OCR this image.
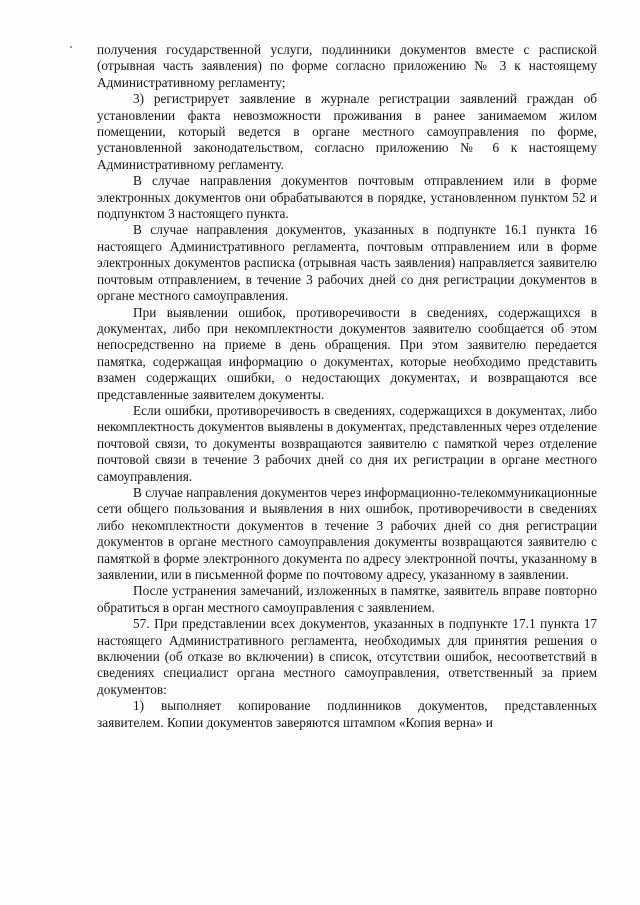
получения государственной услуги, подлинники документов вместе с распиской (отрывная часть заявления) по форме согласно приложению № 3 к настоящему Административному регламенту;

3) регистрирует заявление в журнале регистрации заявлений граждан об установлении факта невозможности проживания в ранее занимаемом жилом помещении, который ведется в органе местного самоуправления по форме, установленной законодательством, согласно приложению № 6 к настоящему Административному регламенту.

В случае направления документов почтовым отправлением или в форме электронных документов они обрабатываются в порядке, установленном пунктом 52 и подпунктом 3 настоящего пункта.

В случае направления документов, указанных в подпункте 16.1 пункта 16 настоящего Административного регламента, почтовым отправлением или в форме электронных документов расписка (отрывная часть заявления) направляется заявителю почтовым отправлением, в течение 3 рабочих дней со дня регистрации документов в органе местного самоуправления.

При выявлении ошибок, противоречивости в сведениях, содержащихся в документах, либо при некомплектности документов заявителю сообщается об этом непосредственно на приеме в день обращения. При этом заявителю передается памятка, содержащая информацию о документах, которые необходимо представить взамен содержащих ошибки, о недостающих документах, и возвращаются все представленные заявителем документы.

Если ошибки, противоречивость в сведениях, содержащихся в документах, либо некомплектность документов выявлены в документах, представленных через отделение почтовой связи, то документы возвращаются заявителю с памяткой через отделение почтовой связи в течение 3 рабочих дней со дня их регистрации в органе местного самоуправления.

В случае направления документов через информационно-телекоммуникационные сети общего пользования и выявления в них ошибок, противоречивости в сведениях либо некомплектности документов в течение 3 рабочих дней со дня регистрации документов в органе местного самоуправления документы возвращаются заявителю с памяткой в форме электронного документа по адресу электронной почты, указанному в заявлении, или в письменной форме по почтовому адресу, указанному в заявлении.

После устранения замечаний, изложенных в памятке, заявитель вправе повторно обратиться в орган местного самоуправления с заявлением.

57. При представлении всех документов, указанных в подпункте 17.1 пункта 17 настоящего Административного регламента, необходимых для принятия решения о включении (об отказе во включении) в список, отсутствии ошибок, несоответствий в сведениях специалист органа местного самоуправления, ответственный за прием документов:

1) выполняет копирование подлинников документов, представленных заявителем. Копии документов заверяются штампом «Копия верна» и
